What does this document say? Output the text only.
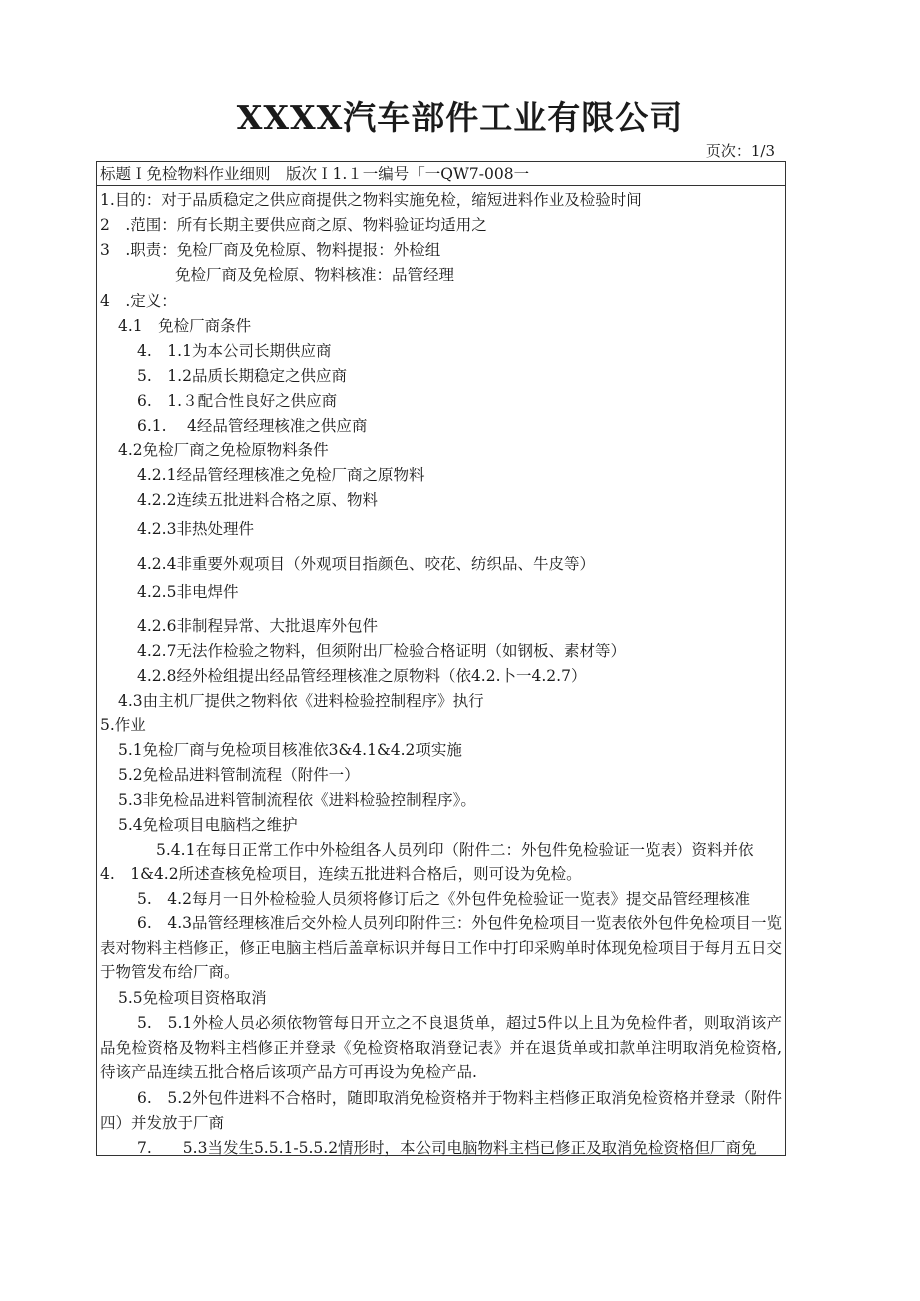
XXXX汽车部件工业有限公司
页次：1/3
标题Ｉ免检物料作业细则　版次Ｉ1.１一编号「一QW7-008一
1.目的：对于品质稳定之供应商提供之物料实施免检，缩短进料作业及检验时间
2　.范围：所有长期主要供应商之原、物料验证均适用之
3　.职责：免检厂商及免检原、物料提报：外检组
免检厂商及免检原、物料核准：品管经理
4　.定义：
4.1　免检厂商条件
4.　1.1为本公司长期供应商
5.　1.2品质长期稳定之供应商
6.　1.３配合性良好之供应商
6.1.　 4经品管经理核准之供应商
4.2免检厂商之免检原物料条件
4.2.1经品管经理核准之免检厂商之原物料
4.2.2连续五批进料合格之原、物料
4.2.3非热处理件
4.2.4非重要外观项目（外观项目指颜色、咬花、纺织品、牛皮等）
4.2.5非电焊件
4.2.6非制程异常、大批退库外包件
4.2.7无法作检验之物料，但须附出厂检验合格证明（如钢板、素材等）
4.2.8经外检组提出经品管经理核准之原物料（依4.2.卜一4.2.7）
4.3由主机厂提供之物料依《进料检验控制程序》执行
5.作业
5.1免检厂商与免检项目核准依3&4.1&4.2项实施
5.2免检品进料管制流程（附件一）
5.3非免检品进料管制流程依《进料检验控制程序》。
5.4免检项目电脑档之维护
5.4.1在每日正常工作中外检组各人员列印（附件二：外包件免检验证一览表）资料并依
4.　1&4.2所述查核免检项目，连续五批进料合格后，则可设为免检。
5.　4.2每月一日外检检验人员须将修订后之《外包件免检验证一览表》提交品管经理核准
6.　4.3品管经理核准后交外检人员列印附件三：外包件免检项目一览表依外包件免检项目一览表对物料主档修正，修正电脑主档后盖章标识并每日工作中打印采购单时体现免检项目于每月五日交于物管发布给厂商。
5.5免检项目资格取消
5.　5.1外检人员必须依物管每日开立之不良退货单，超过5件以上且为免检件者，则取消该产品免检资格及物料主档修正并登录《免检资格取消登记表》并在退货单或扣款单注明取消免检资格,待该产品连续五批合格后该项产品方可再设为免检产品.
6.　5.2外包件进料不合格时，随即取消免检资格并于物料主档修正取消免检资格并登录（附件四）并发放于厂商
7.　　5.3当发生5.5.1-5.5.2情形时，本公司电脑物料主档已修正及取消免检资格但厂商免
